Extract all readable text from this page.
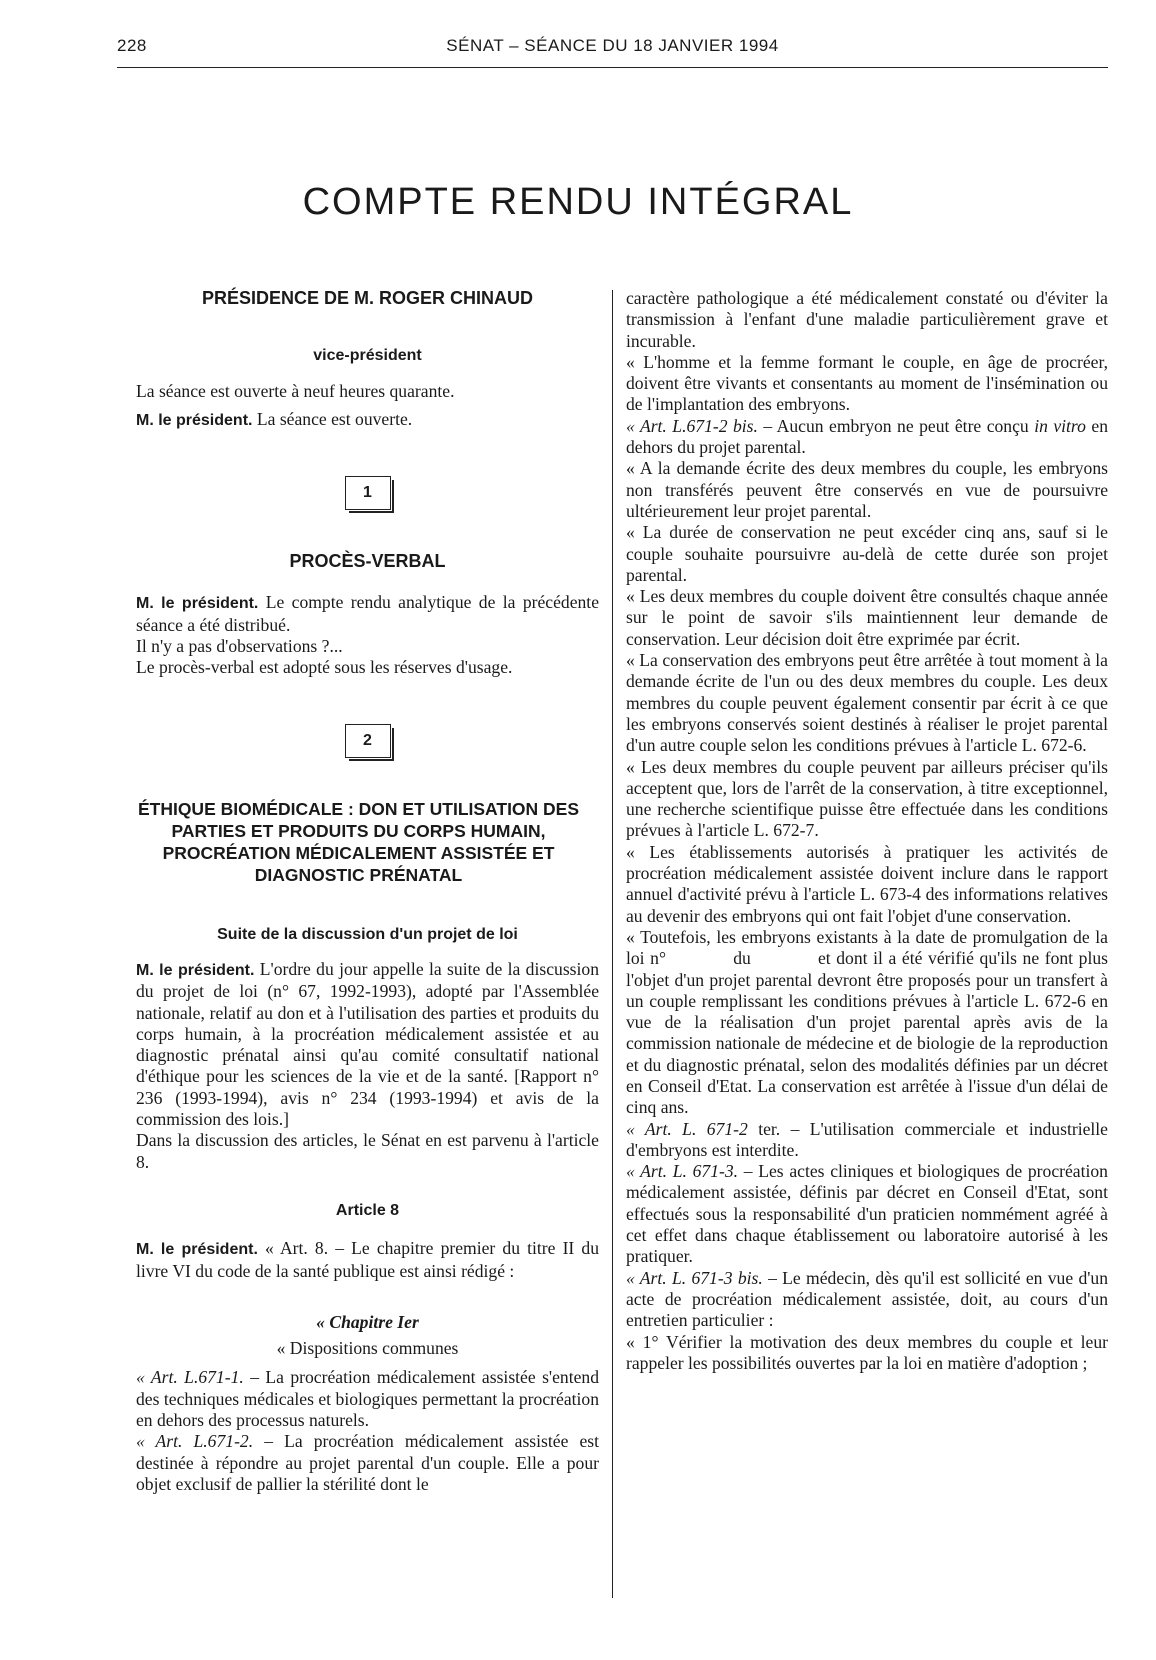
228	SÉNAT – SÉANCE DU 18 JANVIER 1994
COMPTE RENDU INTÉGRAL
PRÉSIDENCE DE M. ROGER CHINAUD
vice-président

La séance est ouverte à neuf heures quarante.

M. le président. La séance est ouverte.

1
PROCÈS-VERBAL

M. le président. Le compte rendu analytique de la précédente séance a été distribué.

Il n'y a pas d'observations ?...

Le procès-verbal est adopté sous les réserves d'usage.

2
ÉTHIQUE BIOMÉDICALE : DON ET UTILISATION DES PARTIES ET PRODUITS DU CORPS HUMAIN, PROCRÉATION MÉDICALEMENT ASSISTÉE ET DIAGNOSTIC PRÉNATAL
Suite de la discussion d'un projet de loi

M. le président. L'ordre du jour appelle la suite de la discussion du projet de loi (n° 67, 1992-1993), adopté par l'Assemblée nationale, relatif au don et à l'utilisation des parties et produits du corps humain, à la procréation médicalement assistée et au diagnostic prénatal ainsi qu'au comité consultatif national d'éthique pour les sciences de la vie et de la santé. [Rapport n° 236 (1993-1994), avis n° 234 (1993-1994) et avis de la commission des lois.]

Dans la discussion des articles, le Sénat en est parvenu à l'article 8.

Article 8

M. le président. « Art. 8. – Le chapitre premier du titre II du livre VI du code de la santé publique est ainsi rédigé :

« Chapitre Ier
« Dispositions communes

« Art. L.671-1. – La procréation médicalement assistée s'entend des techniques médicales et biologiques permettant la procréation en dehors des processus naturels.

« Art. L.671-2. – La procréation médicalement assistée est destinée à répondre au projet parental d'un couple. Elle a pour objet exclusif de pallier la stérilité dont le

caractère pathologique a été médicalement constaté ou d'éviter la transmission à l'enfant d'une maladie particulièrement grave et incurable.

« L'homme et la femme formant le couple, en âge de procréer, doivent être vivants et consentants au moment de l'insémination ou de l'implantation des embryons.

« Art. L.671-2 bis. – Aucun embryon ne peut être conçu in vitro en dehors du projet parental.

« A la demande écrite des deux membres du couple, les embryons non transférés peuvent être conservés en vue de poursuivre ultérieurement leur projet parental.

« La durée de conservation ne peut excéder cinq ans, sauf si le couple souhaite poursuivre au-delà de cette durée son projet parental.

« Les deux membres du couple doivent être consultés chaque année sur le point de savoir s'ils maintiennent leur demande de conservation. Leur décision doit être exprimée par écrit.

« La conservation des embryons peut être arrêtée à tout moment à la demande écrite de l'un ou des deux membres du couple. Les deux membres du couple peuvent également consentir par écrit à ce que les embryons conservés soient destinés à réaliser le projet parental d'un autre couple selon les conditions prévues à l'article L. 672-6.

« Les deux membres du couple peuvent par ailleurs préciser qu'ils acceptent que, lors de l'arrêt de la conservation, à titre exceptionnel, une recherche scientifique puisse être effectuée dans les conditions prévues à l'article L. 672-7.

« Les établissements autorisés à pratiquer les activités de procréation médicalement assistée doivent inclure dans le rapport annuel d'activité prévu à l'article L. 673-4 des informations relatives au devenir des embryons qui ont fait l'objet d'une conservation.

« Toutefois, les embryons existants à la date de promulgation de la loi n°            du            et dont il a été vérifié qu'ils ne font plus l'objet d'un projet parental devront être proposés pour un transfert à un couple remplissant les conditions prévues à l'article L. 672-6 en vue de la réalisation d'un projet parental après avis de la commission nationale de médecine et de biologie de la reproduction et du diagnostic prénatal, selon des modalités définies par un décret en Conseil d'Etat. La conservation est arrêtée à l'issue d'un délai de cinq ans.

« Art. L. 671-2 ter. – L'utilisation commerciale et industrielle d'embryons est interdite.

« Art. L. 671-3. – Les actes cliniques et biologiques de procréation médicalement assistée, définis par décret en Conseil d'Etat, sont effectués sous la responsabilité d'un praticien nommément agréé à cet effet dans chaque établissement ou laboratoire autorisé à les pratiquer.

« Art. L. 671-3 bis. – Le médecin, dès qu'il est sollicité en vue d'un acte de procréation médicalement assistée, doit, au cours d'un entretien particulier :

« 1° Vérifier la motivation des deux membres du couple et leur rappeler les possibilités ouvertes par la loi en matière d'adoption ;
